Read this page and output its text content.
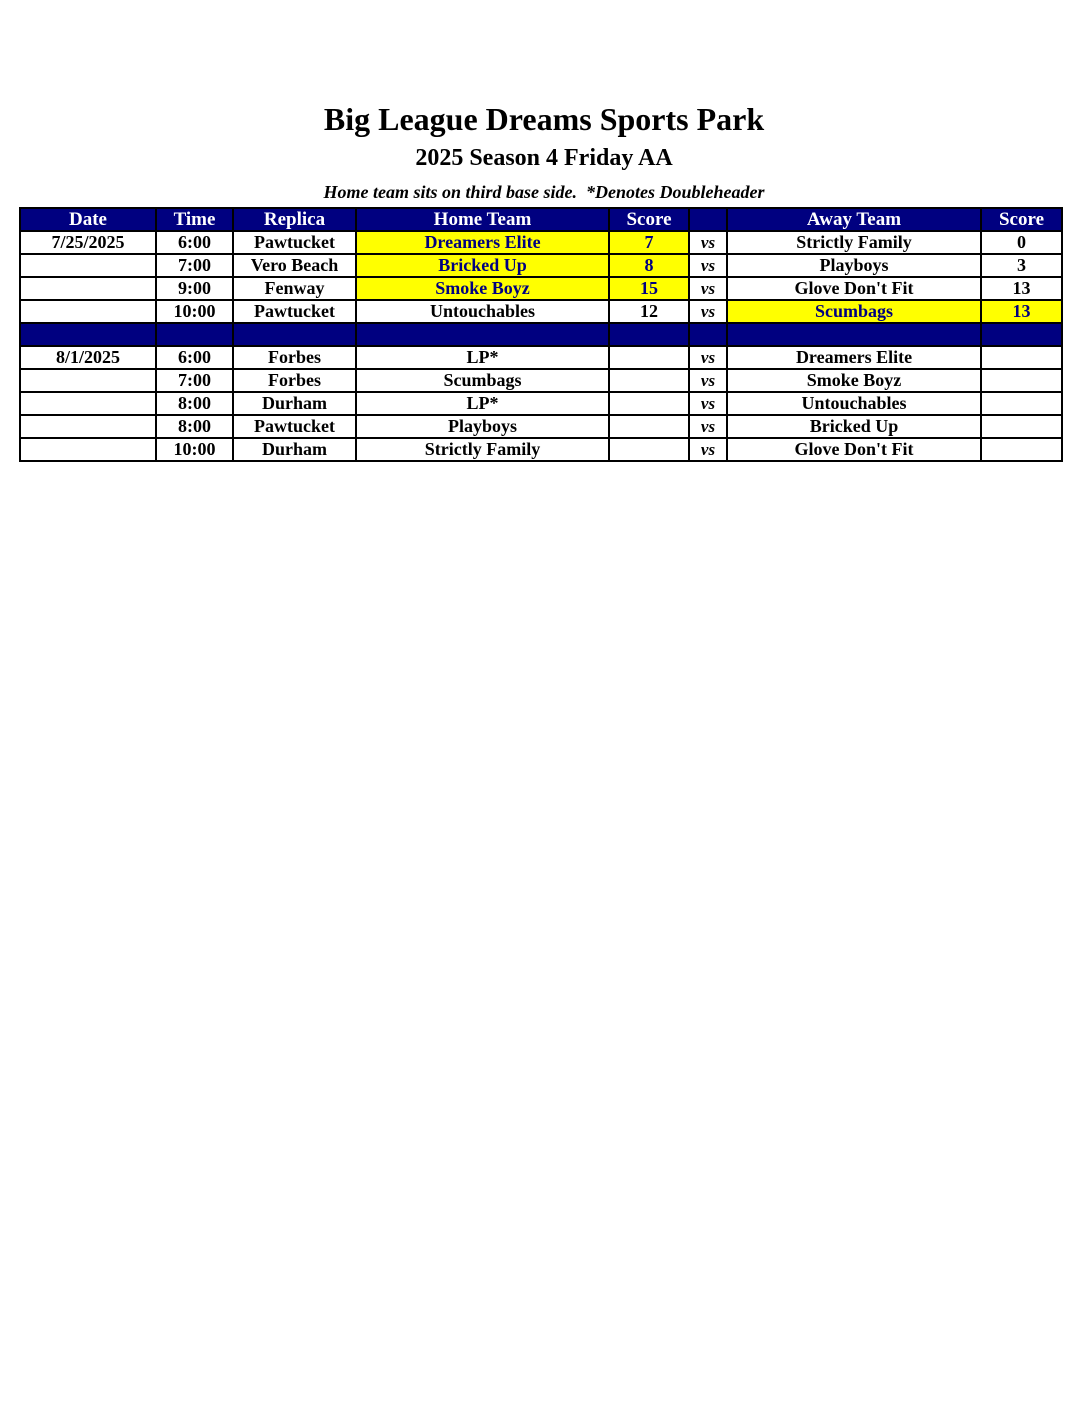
Big League Dreams Sports Park
2025 Season 4 Friday AA
Home team sits on third base side.  *Denotes Doubleheader
Date	Time	Replica	Home Team	Score		Away Team	Score
7/25/2025	6:00	Pawtucket	Dreamers Elite	7	vs	Strictly Family	0
	7:00	Vero Beach	Bricked Up	8	vs	Playboys	3
	9:00	Fenway	Smoke Boyz	15	vs	Glove Don't Fit	13
	10:00	Pawtucket	Untouchables	12	vs	Scumbags	13

8/1/2025	6:00	Forbes	LP*		vs	Dreamers Elite	
	7:00	Forbes	Scumbags		vs	Smoke Boyz	
	8:00	Durham	LP*		vs	Untouchables	
	8:00	Pawtucket	Playboys		vs	Bricked Up	
	10:00	Durham	Strictly Family		vs	Glove Don't Fit	
